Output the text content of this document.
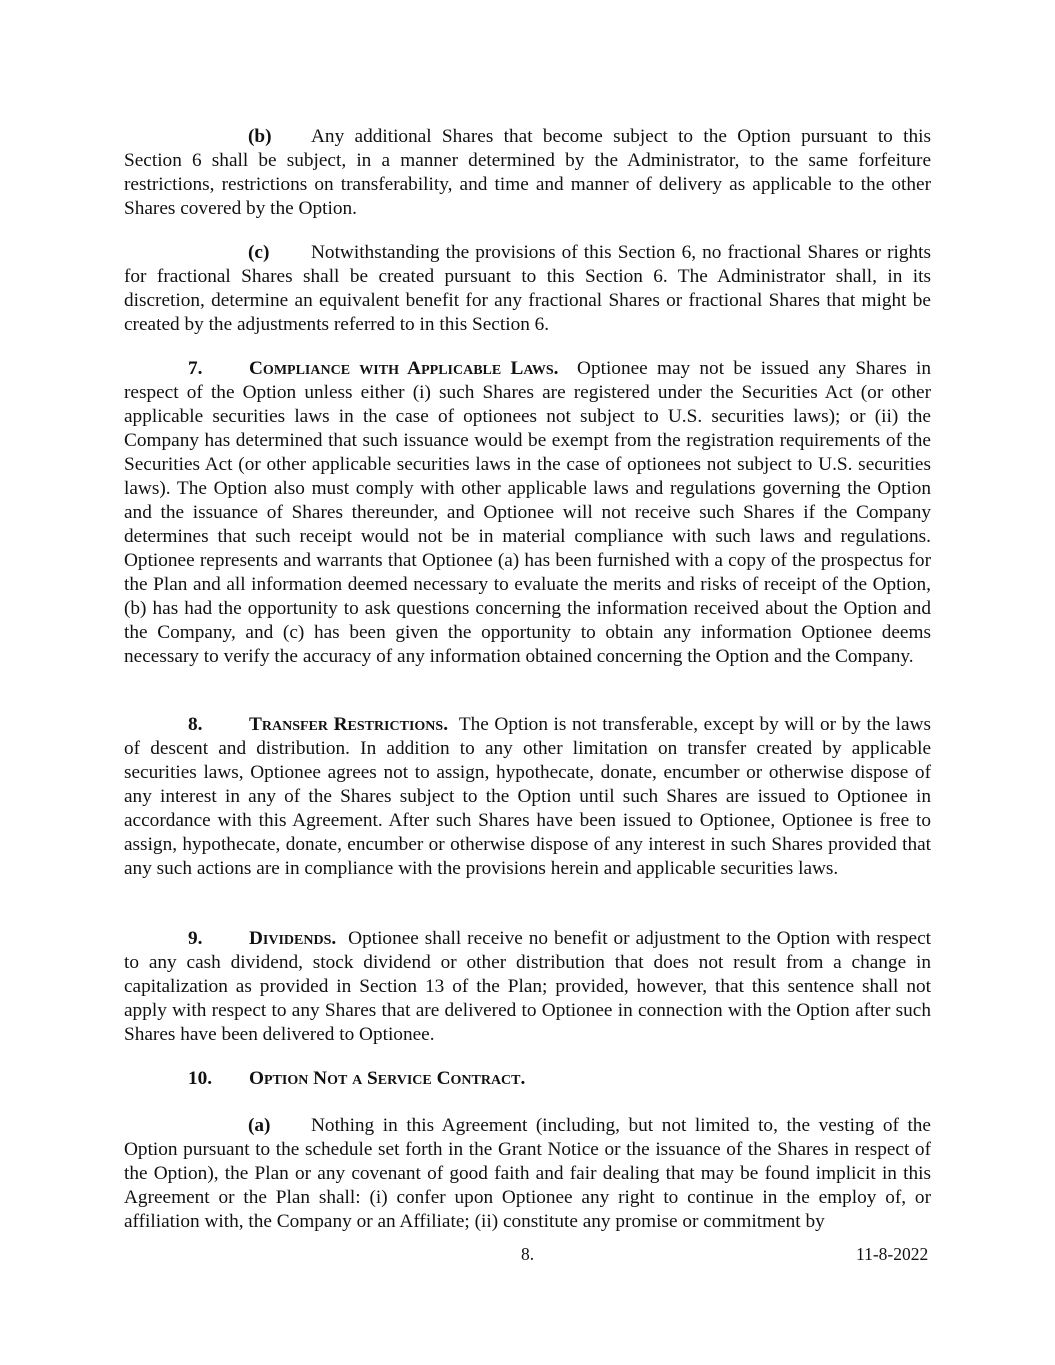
(b) Any additional Shares that become subject to the Option pursuant to this Section 6 shall be subject, in a manner determined by the Administrator, to the same forfeiture restrictions, restrictions on transferability, and time and manner of delivery as applicable to the other Shares covered by the Option.

(c) Notwithstanding the provisions of this Section 6, no fractional Shares or rights for fractional Shares shall be created pursuant to this Section 6. The Administrator shall, in its discretion, determine an equivalent benefit for any fractional Shares or fractional Shares that might be created by the adjustments referred to in this Section 6.

7. Compliance with Applicable Laws. Optionee may not be issued any Shares in respect of the Option unless either (i) such Shares are registered under the Securities Act (or other applicable securities laws in the case of optionees not subject to U.S. securities laws); or (ii) the Company has determined that such issuance would be exempt from the registration requirements of the Securities Act (or other applicable securities laws in the case of optionees not subject to U.S. securities laws). The Option also must comply with other applicable laws and regulations governing the Option and the issuance of Shares thereunder, and Optionee will not receive such Shares if the Company determines that such receipt would not be in material compliance with such laws and regulations. Optionee represents and warrants that Optionee (a) has been furnished with a copy of the prospectus for the Plan and all information deemed necessary to evaluate the merits and risks of receipt of the Option, (b) has had the opportunity to ask questions concerning the information received about the Option and the Company, and (c) has been given the opportunity to obtain any information Optionee deems necessary to verify the accuracy of any information obtained concerning the Option and the Company.

8. Transfer Restrictions. The Option is not transferable, except by will or by the laws of descent and distribution. In addition to any other limitation on transfer created by applicable securities laws, Optionee agrees not to assign, hypothecate, donate, encumber or otherwise dispose of any interest in any of the Shares subject to the Option until such Shares are issued to Optionee in accordance with this Agreement. After such Shares have been issued to Optionee, Optionee is free to assign, hypothecate, donate, encumber or otherwise dispose of any interest in such Shares provided that any such actions are in compliance with the provisions herein and applicable securities laws.

9. Dividends. Optionee shall receive no benefit or adjustment to the Option with respect to any cash dividend, stock dividend or other distribution that does not result from a change in capitalization as provided in Section 13 of the Plan; provided, however, that this sentence shall not apply with respect to any Shares that are delivered to Optionee in connection with the Option after such Shares have been delivered to Optionee.

10. Option Not a Service Contract.

(a) Nothing in this Agreement (including, but not limited to, the vesting of the Option pursuant to the schedule set forth in the Grant Notice or the issuance of the Shares in respect of the Option), the Plan or any covenant of good faith and fair dealing that may be found implicit in this Agreement or the Plan shall: (i) confer upon Optionee any right to continue in the employ of, or affiliation with, the Company or an Affiliate; (ii) constitute any promise or commitment by

8.	11-8-2022
